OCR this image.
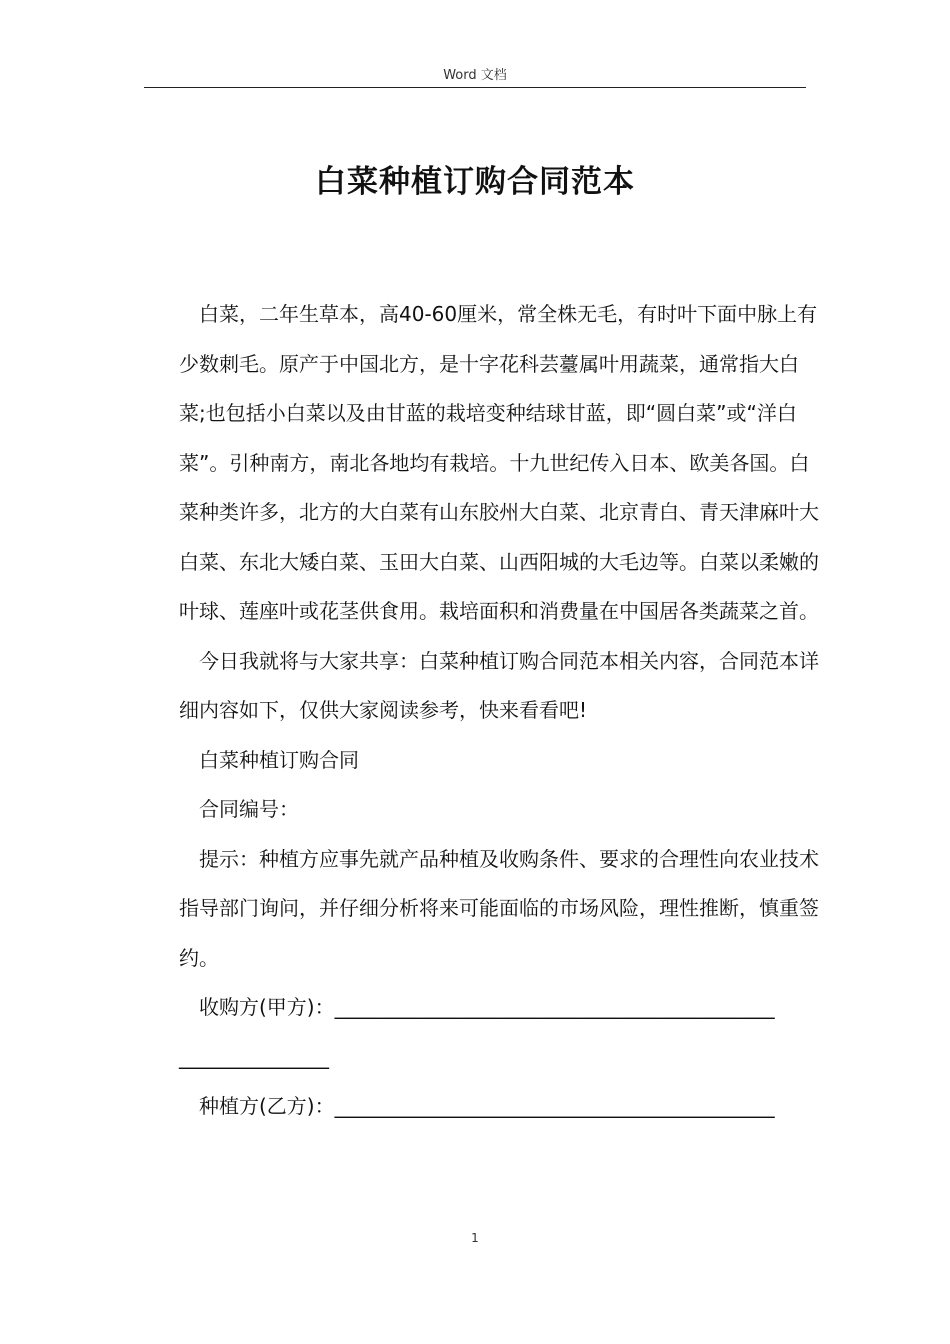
Word 文档
白菜种植订购合同范本

白菜，二年生草本，高40-60厘米，常全株无毛，有时叶下面中脉上有少数刺毛。原产于中国北方，是十字花科芸薹属叶用蔬菜，通常指大白菜;也包括小白菜以及由甘蓝的栽培变种结球甘蓝，即“圆白菜”或“洋白菜”。引种南方，南北各地均有栽培。十九世纪传入日本、欧美各国。白菜种类许多，北方的大白菜有山东胶州大白菜、北京青白、青天津麻叶大白菜、东北大矮白菜、玉田大白菜、山西阳城的大毛边等。白菜以柔嫩的叶球、莲座叶或花茎供食用。栽培面积和消费量在中国居各类蔬菜之首。

今日我就将与大家共享：白菜种植订购合同范本相关内容，合同范本详细内容如下，仅供大家阅读参考，快来看看吧!

白菜种植订购合同

合同编号：

提示：种植方应事先就产品种植及收购条件、要求的合理性向农业技术指导部门询问，并仔细分析将来可能面临的市场风险，理性推断，慎重签约。

收购方(甲方)：____________________________________________

_______________

种植方(乙方)：____________________________________________

1
